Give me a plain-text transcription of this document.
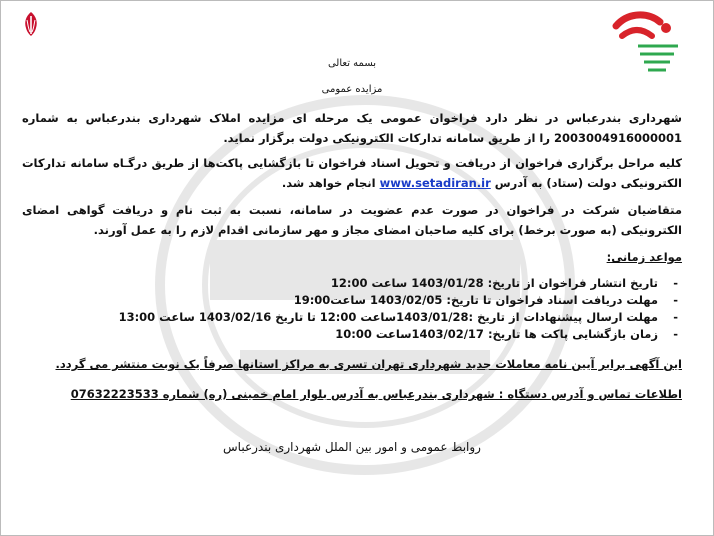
بسمه تعالی
مزایده عمومی
شهرداری بندرعباس در نظر دارد فراخوان عمومی یک مرحله ای مزایده املاک شهرداری بندرعباس به شماره 2003004916000001 را از طریق سامانه تدارکات الکترونیکی دولت برگزار نماید.
کلیه مراحل برگزاری فراخوان از دریافت و تحویل اسناد فراخوان تا بازگشایی پاکت‌ها از طریق درگـاه سامانه تدارکات الکترونیکی دولت (ستاد) به آدرس www.setadiran.ir انجام خواهد شد.
متقاضیان شرکت در فراخوان در صورت عدم عضویت در سامانه، نسبت به ثبت نام و دریافت گواهی امضای الکترونیکی (به صورت برخط) برای کلیه صاحبان امضای مجاز و مهر سازمانی اقدام لازم را به عمل آورند.
مواعد زمانی:
- تاریخ انتشار فراخوان از تاریخ: 1403/01/28 ساعت 12:00
- مهلت دریافت اسناد فراخوان تا تاریخ: 1403/02/05 ساعت19:00
- مهلت ارسال پیشنهادات از تاریخ :1403/01/28ساعت 12:00 تا تاریخ 1403/02/16 ساعت 13:00
- زمان بازگشایی پاکت ها تاریخ: 1403/02/17ساعت 10:00
این آگهی برابر آیین نامه معاملات جدید شهرداری تهران تسری به مراکز استانها صرفاً یک نوبت منتشر می گردد.
اطلاعات تماس و آدرس دستگاه : شهرداری بندرعباس به آدرس بلوار امام خمینی (ره) شماره 07632223533
روابط عمومی و امور بین الملل شهرداری بندرعباس
